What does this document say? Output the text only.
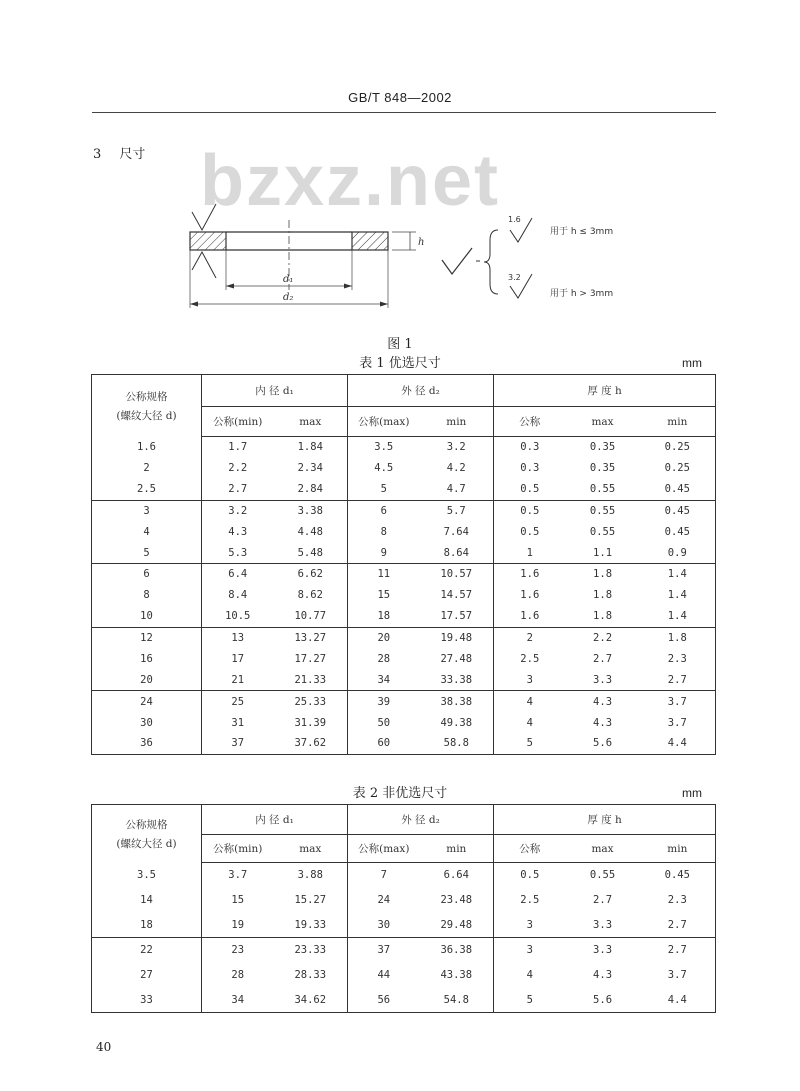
GB/T 848—2002
bzxz.net
3 尺寸
h
d₁
d₂
1.6
用于 h ≤ 3mm
3.2
用于 h > 3mm
图 1
表 1 优选尺寸	mm
公称规格
(螺纹大径 d)	内 径 d₁		外 径 d₂		厚 度 h		
	公称(min)	max	公称(max)	min	公称	max	min
1.6	1.7	1.84	3.5	3.2	0.3	0.35	0.25
2	2.2	2.34	4.5	4.2	0.3	0.35	0.25
2.5	2.7	2.84	5	4.7	0.5	0.55	0.45
3	3.2	3.38	6	5.7	0.5	0.55	0.45
4	4.3	4.48	8	7.64	0.5	0.55	0.45
5	5.3	5.48	9	8.64	1	1.1	0.9
6	6.4	6.62	11	10.57	1.6	1.8	1.4
8	8.4	8.62	15	14.57	1.6	1.8	1.4
10	10.5	10.77	18	17.57	1.6	1.8	1.4
12	13	13.27	20	19.48	2	2.2	1.8
16	17	17.27	28	27.48	2.5	2.7	2.3
20	21	21.33	34	33.38	3	3.3	2.7
24	25	25.33	39	38.38	4	4.3	3.7
30	31	31.39	50	49.38	4	4.3	3.7
36	37	37.62	60	58.8	5	5.6	4.4
表 2 非优选尺寸	mm
公称规格
(螺纹大径 d)	内 径 d₁		外 径 d₂		厚 度 h		
	公称(min)	max	公称(max)	min	公称	max	min
3.5	3.7	3.88	7	6.64	0.5	0.55	0.45
14	15	15.27	24	23.48	2.5	2.7	2.3
18	19	19.33	30	29.48	3	3.3	2.7
22	23	23.33	37	36.38	3	3.3	2.7
27	28	28.33	44	43.38	4	4.3	3.7
33	34	34.62	56	54.8	5	5.6	4.4
40
